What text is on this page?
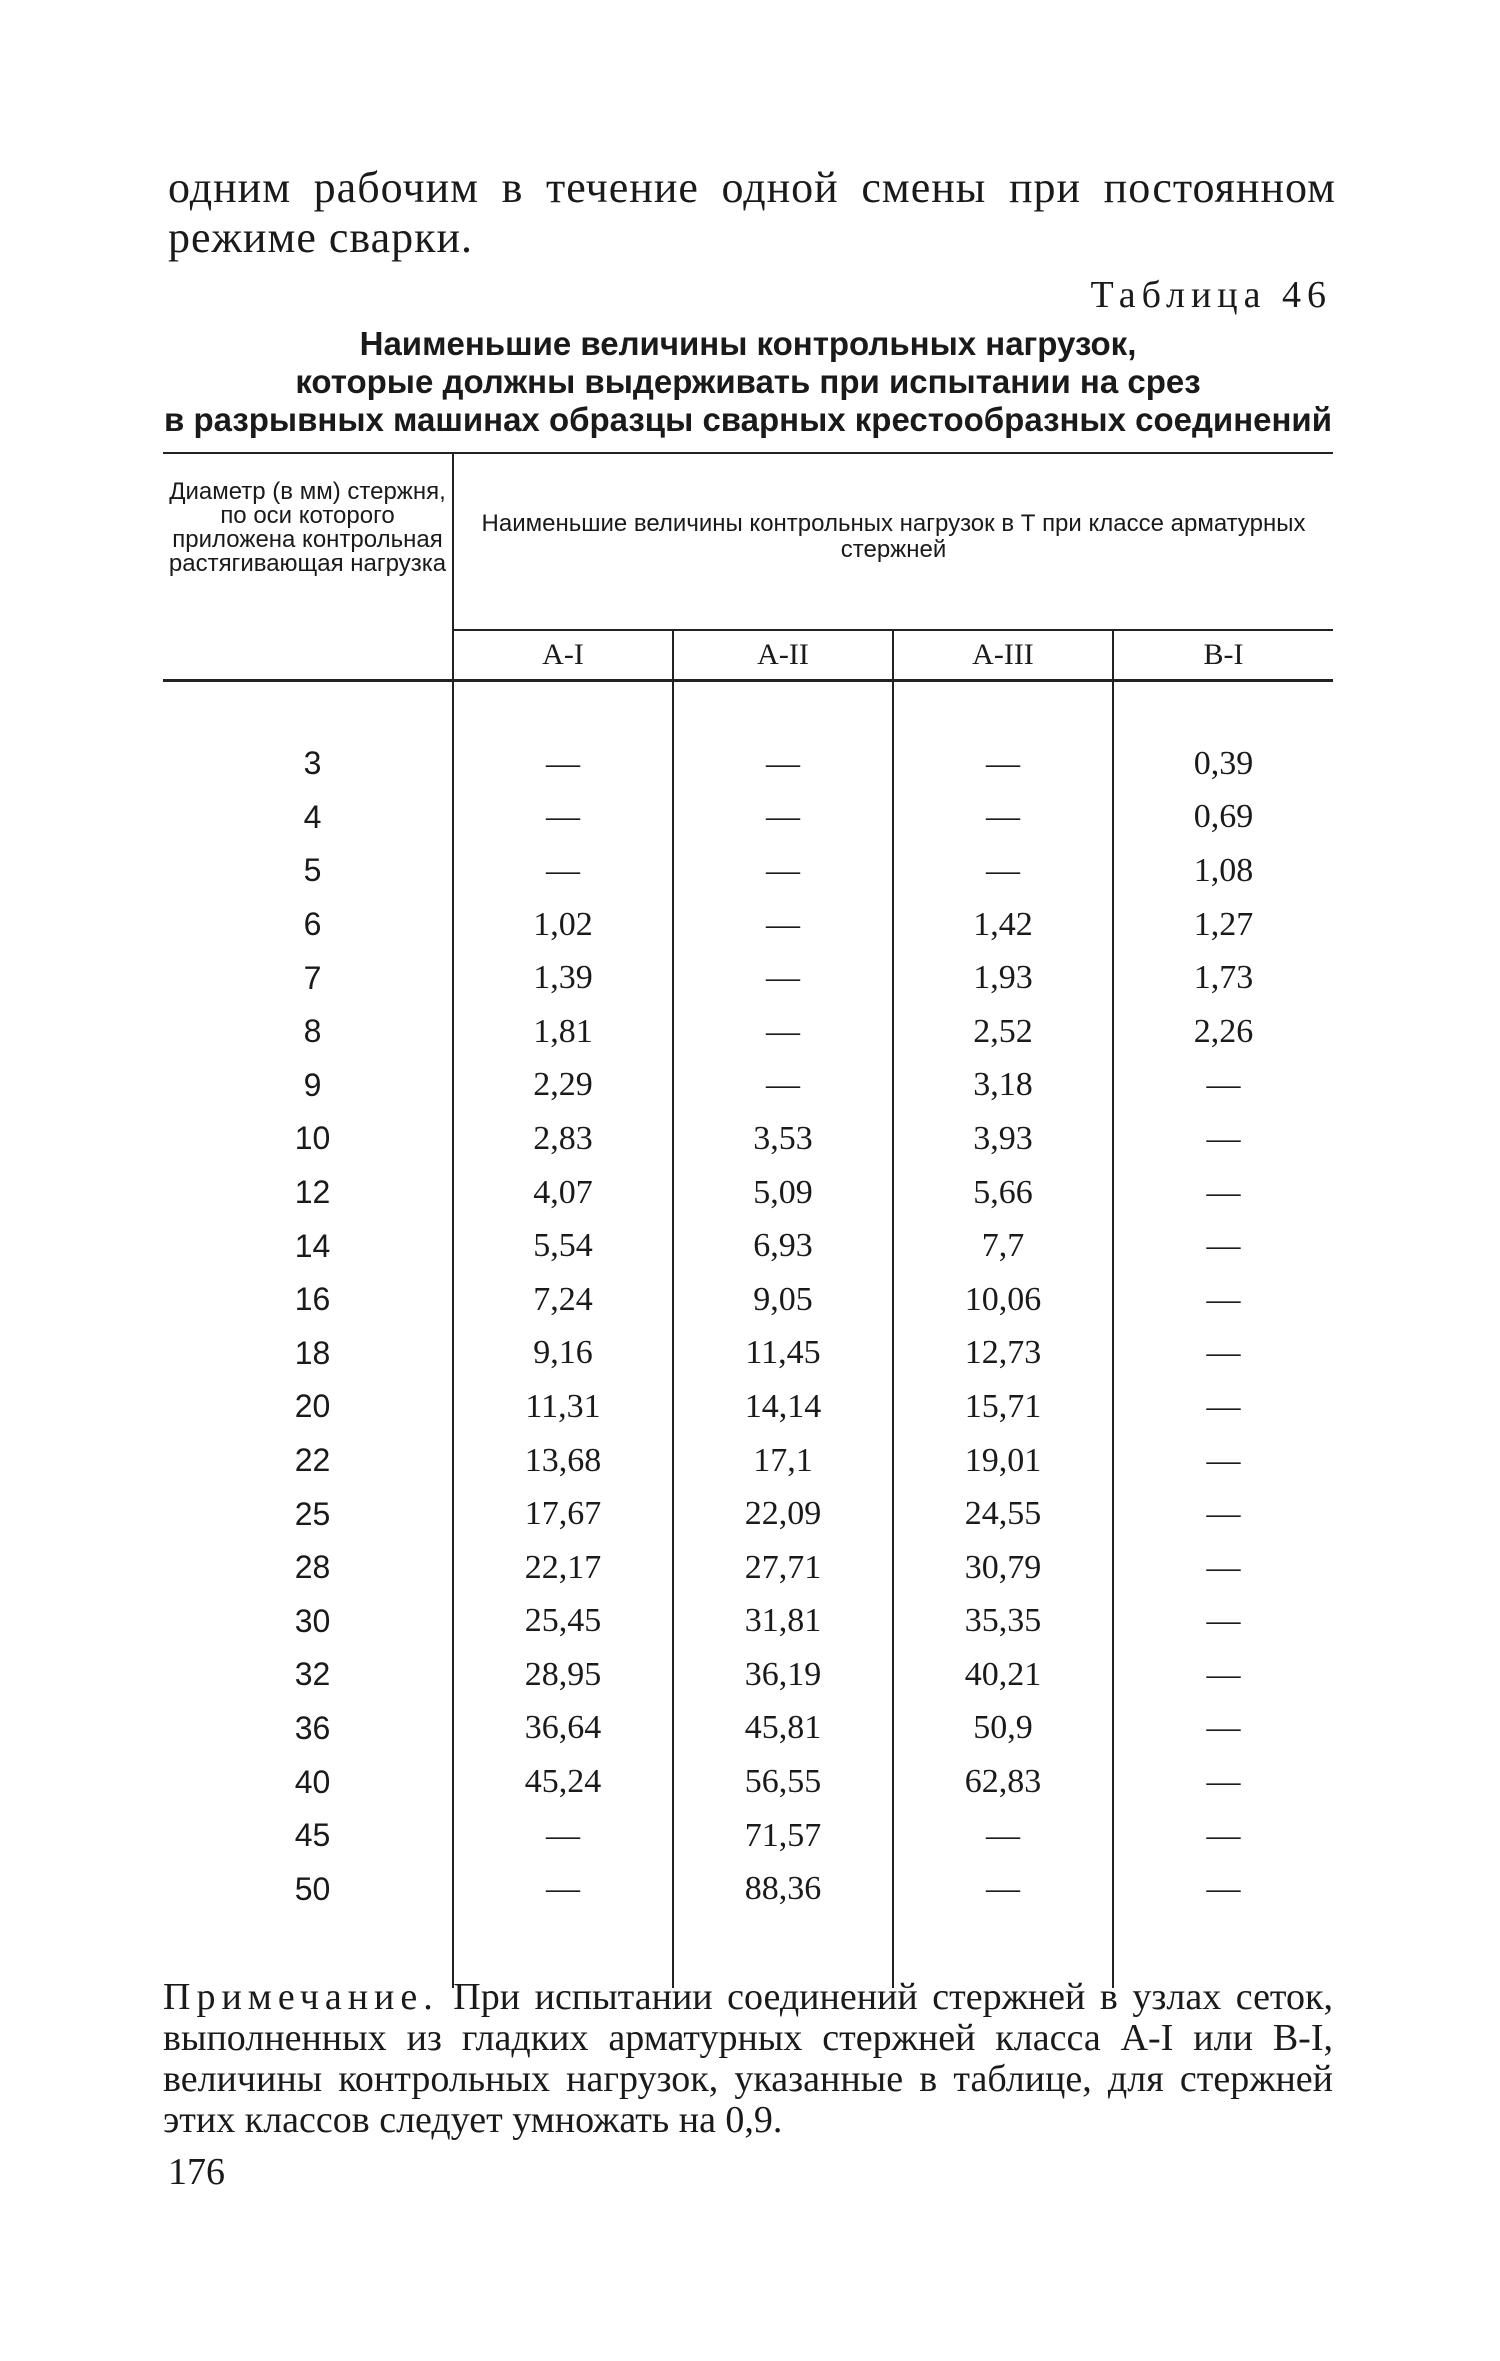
одним рабочим в течение одной смены при постоянном режиме сварки.
Таблица 46
Наименьшие величины контрольных нагрузок,
которые должны выдерживать при испытании на срез
в разрывных машинах образцы сварных крестообразных соединений
Диаметр (в мм) стержня, по оси которого приложена контрольная растягивающая нагрузка	Наименьшие величины контрольных нагрузок в Т при классе арматурных стержней			
	A-I	A-II	A-III	B-I

3	—	—	—	0,39
4	—	—	—	0,69
5	—	—	—	1,08
6	1,02	—	1,42	1,27
7	1,39	—	1,93	1,73
8	1,81	—	2,52	2,26
9	2,29	—	3,18	—
10	2,83	3,53	3,93	—
12	4,07	5,09	5,66	—
14	5,54	6,93	7,7	—
16	7,24	9,05	10,06	—
18	9,16	11,45	12,73	—
20	11,31	14,14	15,71	—
22	13,68	17,1	19,01	—
25	17,67	22,09	24,55	—
28	22,17	27,71	30,79	—
30	25,45	31,81	35,35	—
32	28,95	36,19	40,21	—
36	36,64	45,81	50,9	—
40	45,24	56,55	62,83	—
45	—	71,57	—	—
50	—	88,36	—	—

Примечание. При испытании соединений стержней в узлах сеток, выполненных из гладких арматурных стержней класса A-I или B-I, величины контрольных нагрузок, указанные в таблице, для стержней этих классов следует умножать на 0,9.
176
